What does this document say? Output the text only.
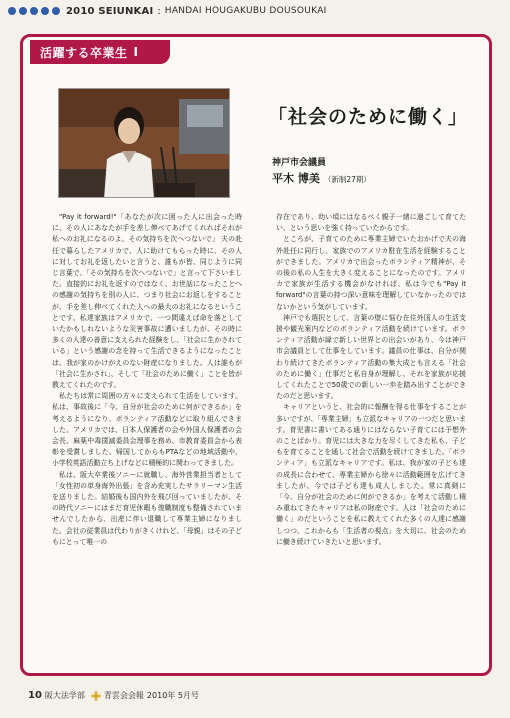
2010 SEIUNKAI : HANDAI HOUGAKUBU DOUSOUKAI
活躍する卒業生 I
「社会のために働く」
神戸市会議員
平木 博美 （新制27期）

"Pay it forward!"「あなたが次に困った人に出会った時に、その人にあなたが手を差し伸べてあげてくれればそれが私へのお礼になるのよ。その気持ちを次へつないで」 夫の赴任で暮らしたアメリカで、人に助けてもらった時に、その人に対してお礼を返したいと言うと、誰もが皆、同じように同じ言葉で、「その気持ちを次へつないで」と言って下さいました。直接的にお礼を返すのではなく、お世話になったことへの感謝の気持ちを別の人に、つまり社会にお返しをすることが、手を差し伸べてくれた人への最大のお礼になるということです。私達家族はアメリカで、一つ間違えば命を落としていたかもしれないような災害事故に遭いましたが、その時に多くの人達の善意に支えられた経験をし、「社会に生かされている」という感謝の念を持って生活できるようになったことは、我が家のかけがえのない財産になりました。人は誰もが「社会に生かされ」、そして「社会のために働く」ことを皆が教えてくれたのです。

私たちは常に周囲の方々に支えられて生活をしています。私は、事故後に「今、自分が社会のために何ができるか」を考えるようになり、ボランティア活動などに取り組んできました。アメリカでは、日本人保護者の会や外国人保護者の会会長、麻薬中毒撲滅委員会理事を務め、市教育委員会から表彰を受賞しました。帰国してからもPTAなどの地域活動や、小学校英語活動立ち上げなどに積極的に関わってきました。

私は、阪大卒業後ソニーに就職し、海外営業担当者として「女性初の単身海外出張」を含め充実したサラリーマン生活を送りました。結婚後も国内外を飛び回っていましたが、その時代ソニーにはまだ育児休暇も復職制度も整備されていませんでしたから、出産に伴い退職して専業主婦になりました。会社の従業員は代わりがきくけれど、「母親」はその子どもにとって唯一の

存在であり、幼い頃にはなるべく親子一緒に過ごして育てたい、という思いを強く持っていたからです。

ところが、子育てのために専業主婦でいたおかげで夫の海外赴任に同行し、家族でのアメリカ駐在生活を経験することができました。アメリカで出会ったボランティア精神が、その後の私の人生を大きく変えることになったのです。アメリカで家族が生活する機会がなければ、私は今でも"Pay it forward"の言葉の持つ深い意味を理解していなかったのではないかという気がしています。

神戸でも選択として、言葉の壁に悩む在住外国人の生活支援や観光案内などのボランティア活動を続けています。ボランティア活動が縁で新しい世界との出会いがあり、今は神戸市会議員として仕事をしています。議員の仕事は、自分が関わり続けてきたボランティア活動の集大成とも言える「社会のために働く」仕事だと私自身が理解し、それを家族が応援してくれたことで50歳での新しい一歩を踏み出すことができたのだと思います。

キャリアというと、社会的に報酬を得る仕事をすることが多いですが、「専業主婦」も立派なキャリアの一つだと思います。育児書に書いてある通りにはならない子育てには予想外のことばかり。育児には大きな力を尽くしてきた私も、子どもを育てることを通して社会で活動を続けてきました。「ボランティア」も立派なキャリアです。私は、我が家の子ども達の成長に合わせて、専業主婦から徐々に活動範囲を広げてきましたが、今では子ども達も成人しました。常に真剣に「今、自分が社会のために何ができるか」を考えて活動し積み重ねてきたキャリアは私の財産です。人は「社会のために働く」のだということを私に教えてくれた多くの人達に感謝しつつ、これからも「生活者の視点」を大切に、社会のために働き続けていきたいと思います。

10 阪大法学部 青雲会会報 2010年 5月号
